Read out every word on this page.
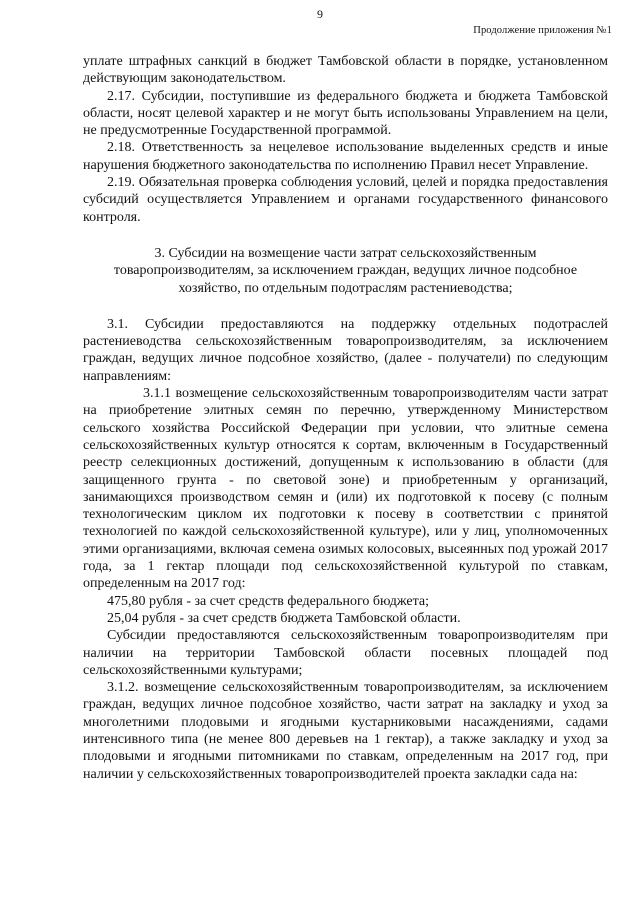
9
Продолжение приложения №1

уплате штрафных санкций в бюджет Тамбовской области в порядке, установленном действующим законодательством.

2.17. Субсидии, поступившие из федерального бюджета и бюджета Тамбовской области, носят целевой характер и не могут быть использованы Управлением на цели, не предусмотренные Государственной программой.

2.18. Ответственность за нецелевое использование выделенных средств и иные нарушения бюджетного законодательства по исполнению Правил несет Управление.

2.19. Обязательная проверка соблюдения условий, целей и порядка предоставления субсидий осуществляется Управлением и органами государственного финансового контроля.

3. Субсидии на возмещение части затрат сельскохозяйственным товаропроизводителям, за исключением граждан, ведущих личное подсобное хозяйство, по отдельным подотраслям растениеводства;

3.1. Субсидии предоставляются на поддержку отдельных подотраслей растениеводства сельскохозяйственным товаропроизводителям, за исключением граждан, ведущих личное подсобное хозяйство, (далее - получатели) по следующим направлениям:

3.1.1 возмещение сельскохозяйственным товаропроизводителям части затрат на приобретение элитных семян по перечню, утвержденному Министерством сельского хозяйства Российской Федерации при условии, что элитные семена сельскохозяйственных культур относятся к сортам, включенным в Государственный реестр селекционных достижений, допущенным к использованию в области (для защищенного грунта - по световой зоне) и приобретенным у организаций, занимающихся производством семян и (или) их подготовкой к посеву (с полным технологическим циклом их подготовки к посеву в соответствии с принятой технологией по каждой сельскохозяйственной культуре), или у лиц, уполномоченных этими организациями, включая семена озимых колосовых, высеянных под урожай 2017 года, за 1 гектар площади под сельскохозяйственной культурой по ставкам, определенным на 2017 год:

475,80 рубля - за счет средств федерального бюджета;

25,04 рубля - за счет средств бюджета Тамбовской области.

Субсидии предоставляются сельскохозяйственным товаропроизводителям при наличии на территории Тамбовской области посевных площадей под сельскохозяйственными культурами;

3.1.2. возмещение сельскохозяйственным товаропроизводителям, за исключением граждан, ведущих личное подсобное хозяйство, части затрат на закладку и уход за многолетними плодовыми и ягодными кустарниковыми насаждениями, садами интенсивного типа (не менее 800 деревьев на 1 гектар), а также закладку и уход за плодовыми и ягодными питомниками по ставкам, определенным на 2017 год, при наличии у сельскохозяйственных товаропроизводителей проекта закладки сада на:
